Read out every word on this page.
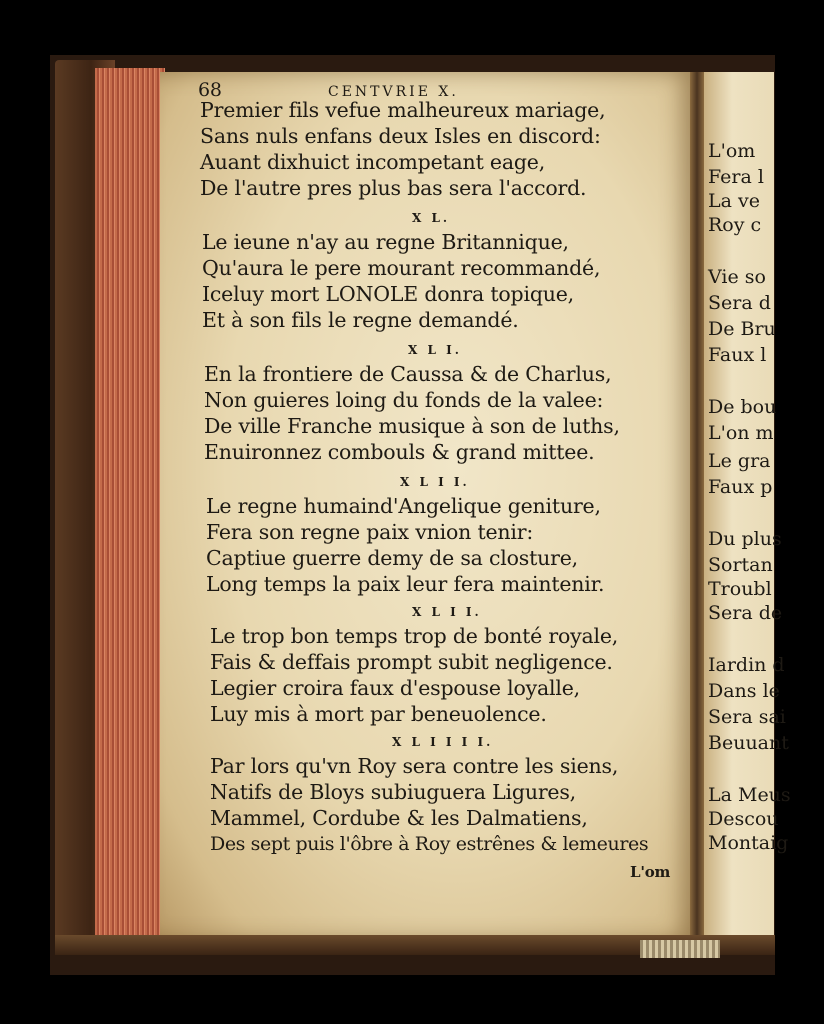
68	CENTVRIE X.
Premier fils vefue malheureux mariage,
Sans nuls enfans deux Isles en discord:
Auant dixhuict incompetant eage,
De l'autre pres plus bas sera l'accord.
X L.
Le ieune n'ay au regne Britannique,
Qu'aura le pere mourant recommandé,
Iceluy mort LONOLE donra topique,
Et à son fils le regne demandé.
X L I.
En la frontiere de Caussa & de Charlus,
Non guieres loing du fonds de la valee:
De ville Franche musique à son de luths,
Enuironnez combouls & grand mittee.
X L I I.
Le regne humaind'Angelique geniture,
Fera son regne paix vnion tenir:
Captiue guerre demy de sa closture,
Long temps la paix leur fera maintenir.
X L I I.
Le trop bon temps trop de bonté royale,
Fais & deffais prompt subit negligence.
Legier croira faux d'espouse loyalle,
Luy mis à mort par beneuolence.
X L I I I I.
Par lors qu'vn Roy sera contre les siens,
Natifs de Bloys subiuguera Ligures,
Mammel, Cordube & les Dalmatiens,
Des sept puis l'ôbre à Roy estrênes & lemeures
L'om
L'om
Fera l
La ve
Roy c
Vie so
Sera d
De Bru
Faux l
De bou
L'on m
Le gra
Faux p
Du plus
Sortan
Troubl
Sera de
Iardin d
Dans le
Sera sai
Beuuant
La Meus
Descou
Montaig
